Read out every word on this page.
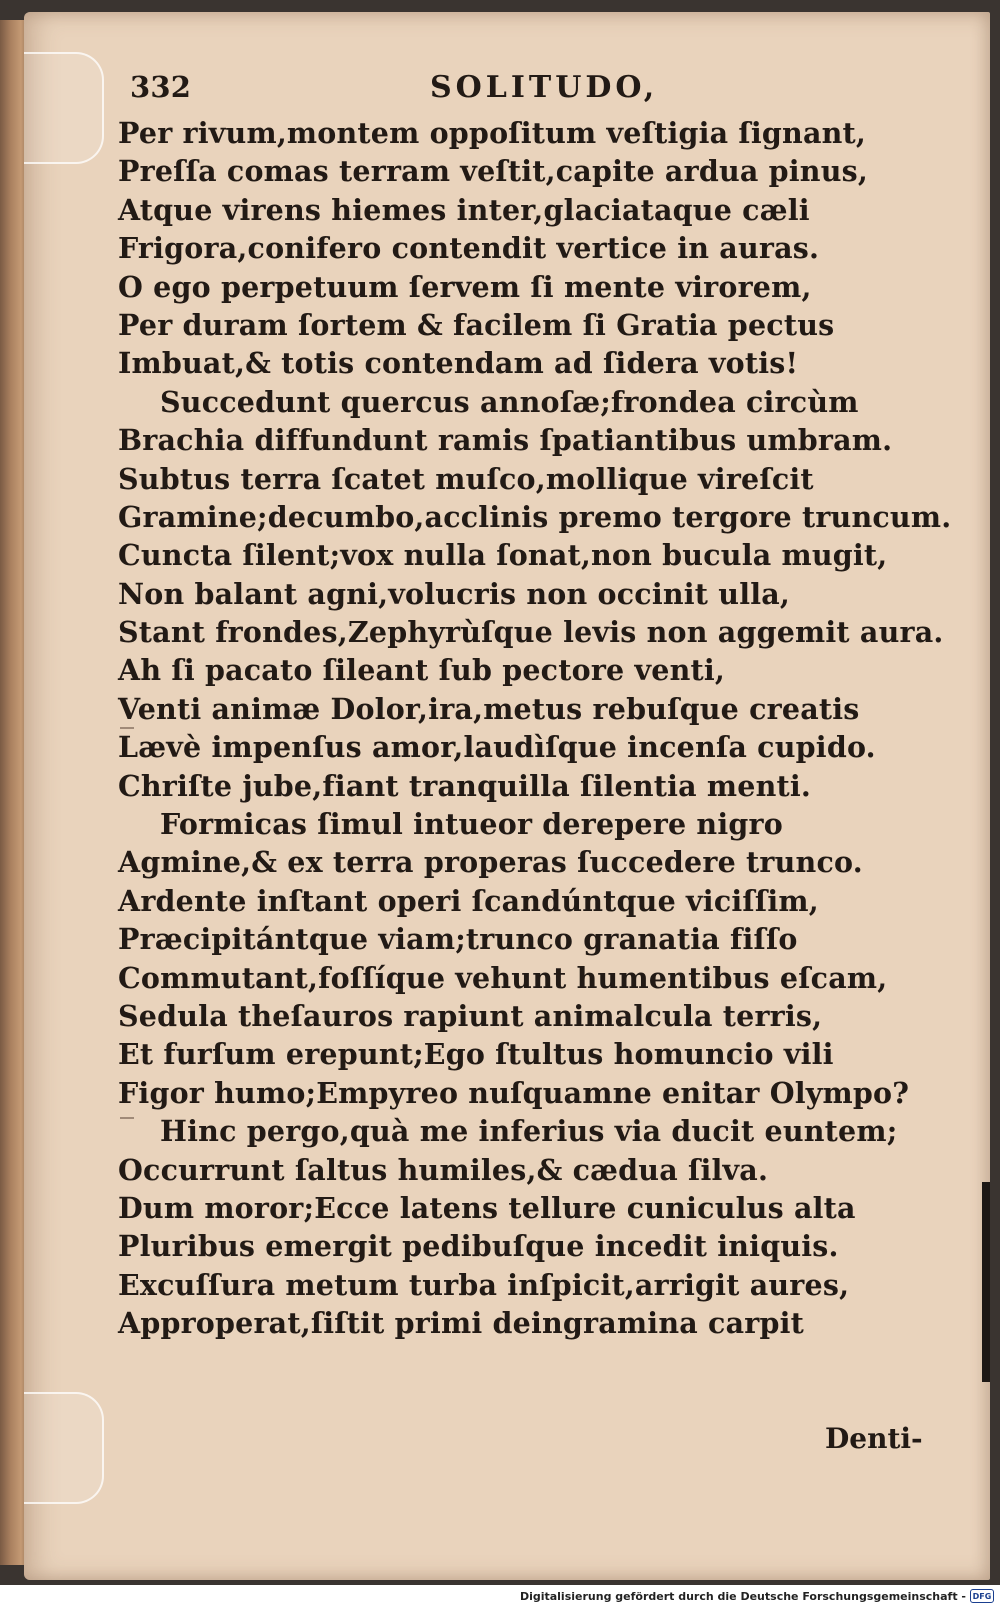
332	SOLITUDO,
Per rivum,montem oppoſitum veſtigia ſignant,
Preſſa comas terram veſtit,capite ardua pinus,
Atque virens hiemes inter,glaciataque cæli
Frigora,conifero contendit vertice in auras.
O ego perpetuum ſervem ſi mente virorem,
Per duram ſortem & facilem ſi Gratia pectus
Imbuat,& totis contendam ad ſidera votis!
Succedunt quercus annoſæ;frondea circùm
Brachia diffundunt ramis ſpatiantibus umbram.
Subtus terra ſcatet muſco,mollique vireſcit
Gramine;decumbo,acclinis premo tergore truncum.
Cuncta ſilent;vox nulla ſonat,non bucula mugit,
Non balant agni,volucris non occinit ulla,
Stant frondes,Zephyrùſque levis non aggemit aura.
Ah ſi pacato ſileant ſub pectore venti,
Venti animæ Dolor,ira,metus rebuſque creatis
Lævè impenſus amor,laudìſque incenſa cupido.
Chriſte jube,fiant tranquilla ſilentia menti.
Formicas ſimul intueor derepere nigro
Agmine,& ex terra properas ſuccedere trunco.
Ardente inſtant operi ſcandúntque viciſſim,
Præcipitántque viam;trunco granatia fiſſo
Commutant,foſſíque vehunt humentibus eſcam,
Sedula theſauros rapiunt animalcula terris,
Et furſum erepunt;Ego ſtultus homuncio vili
Figor humo;Empyreo nuſquamne enitar Olympo?
Hinc pergo,quà me inferius via ducit euntem;
Occurrunt ſaltus humiles,& cædua ſilva.
Dum moror;Ecce latens tellure cuniculus alta
Pluribus emergit pedibuſque incedit iniquis.
Excuſſura metum turba inſpicit,arrigit aures,
Approperat,ſiſtit primi deingramina carpit
Denti-
Digitalisierung gefördert durch die Deutsche Forschungsgemeinschaft - DFG
